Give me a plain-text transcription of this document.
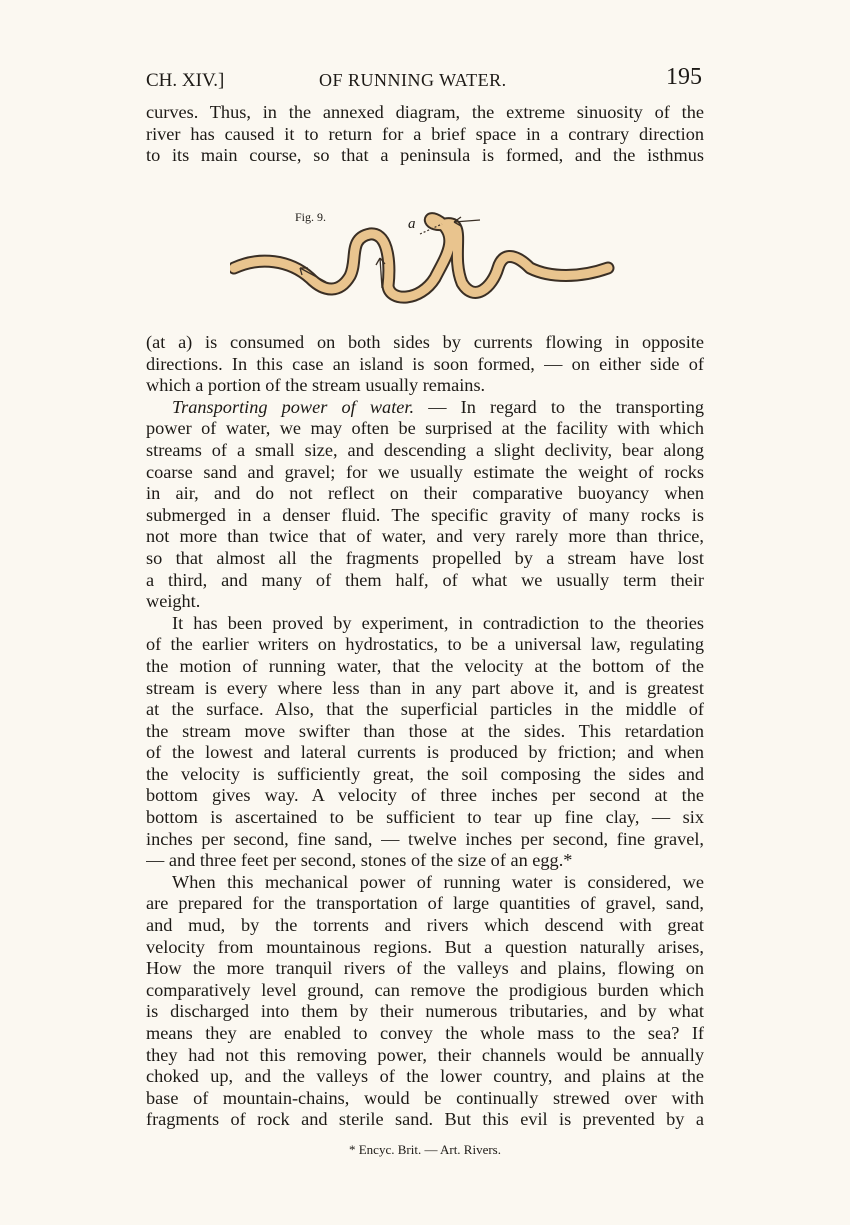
CH. XIV.]	OF RUNNING WATER.	195
curves. Thus, in the annexed diagram, the extreme sinuosity of the
river has caused it to return for a brief space in a contrary direction
to its main course, so that a peninsula is formed, and the isthmus
Fig. 9.	a
(at a) is consumed on both sides by currents flowing in opposite
directions. In this case an island is soon formed, — on either side of
which a portion of the stream usually remains.
Transporting power of water. — In regard to the transporting
power of water, we may often be surprised at the facility with which
streams of a small size, and descending a slight declivity, bear along
coarse sand and gravel; for we usually estimate the weight of rocks
in air, and do not reflect on their comparative buoyancy when
submerged in a denser fluid. The specific gravity of many rocks is
not more than twice that of water, and very rarely more than thrice,
so that almost all the fragments propelled by a stream have lost
a third, and many of them half, of what we usually term their
weight.
It has been proved by experiment, in contradiction to the theories
of the earlier writers on hydrostatics, to be a universal law, regulating
the motion of running water, that the velocity at the bottom of the
stream is every where less than in any part above it, and is greatest
at the surface. Also, that the superficial particles in the middle of
the stream move swifter than those at the sides. This retardation
of the lowest and lateral currents is produced by friction; and when
the velocity is sufficiently great, the soil composing the sides and
bottom gives way. A velocity of three inches per second at the
bottom is ascertained to be sufficient to tear up fine clay, — six
inches per second, fine sand, — twelve inches per second, fine gravel,
— and three feet per second, stones of the size of an egg.*
When this mechanical power of running water is considered, we
are prepared for the transportation of large quantities of gravel, sand,
and mud, by the torrents and rivers which descend with great
velocity from mountainous regions. But a question naturally arises,
How the more tranquil rivers of the valleys and plains, flowing on
comparatively level ground, can remove the prodigious burden which
is discharged into them by their numerous tributaries, and by what
means they are enabled to convey the whole mass to the sea? If
they had not this removing power, their channels would be annually
choked up, and the valleys of the lower country, and plains at the
base of mountain-chains, would be continually strewed over with
fragments of rock and sterile sand. But this evil is prevented by a
* Encyc. Brit. — Art. Rivers.
